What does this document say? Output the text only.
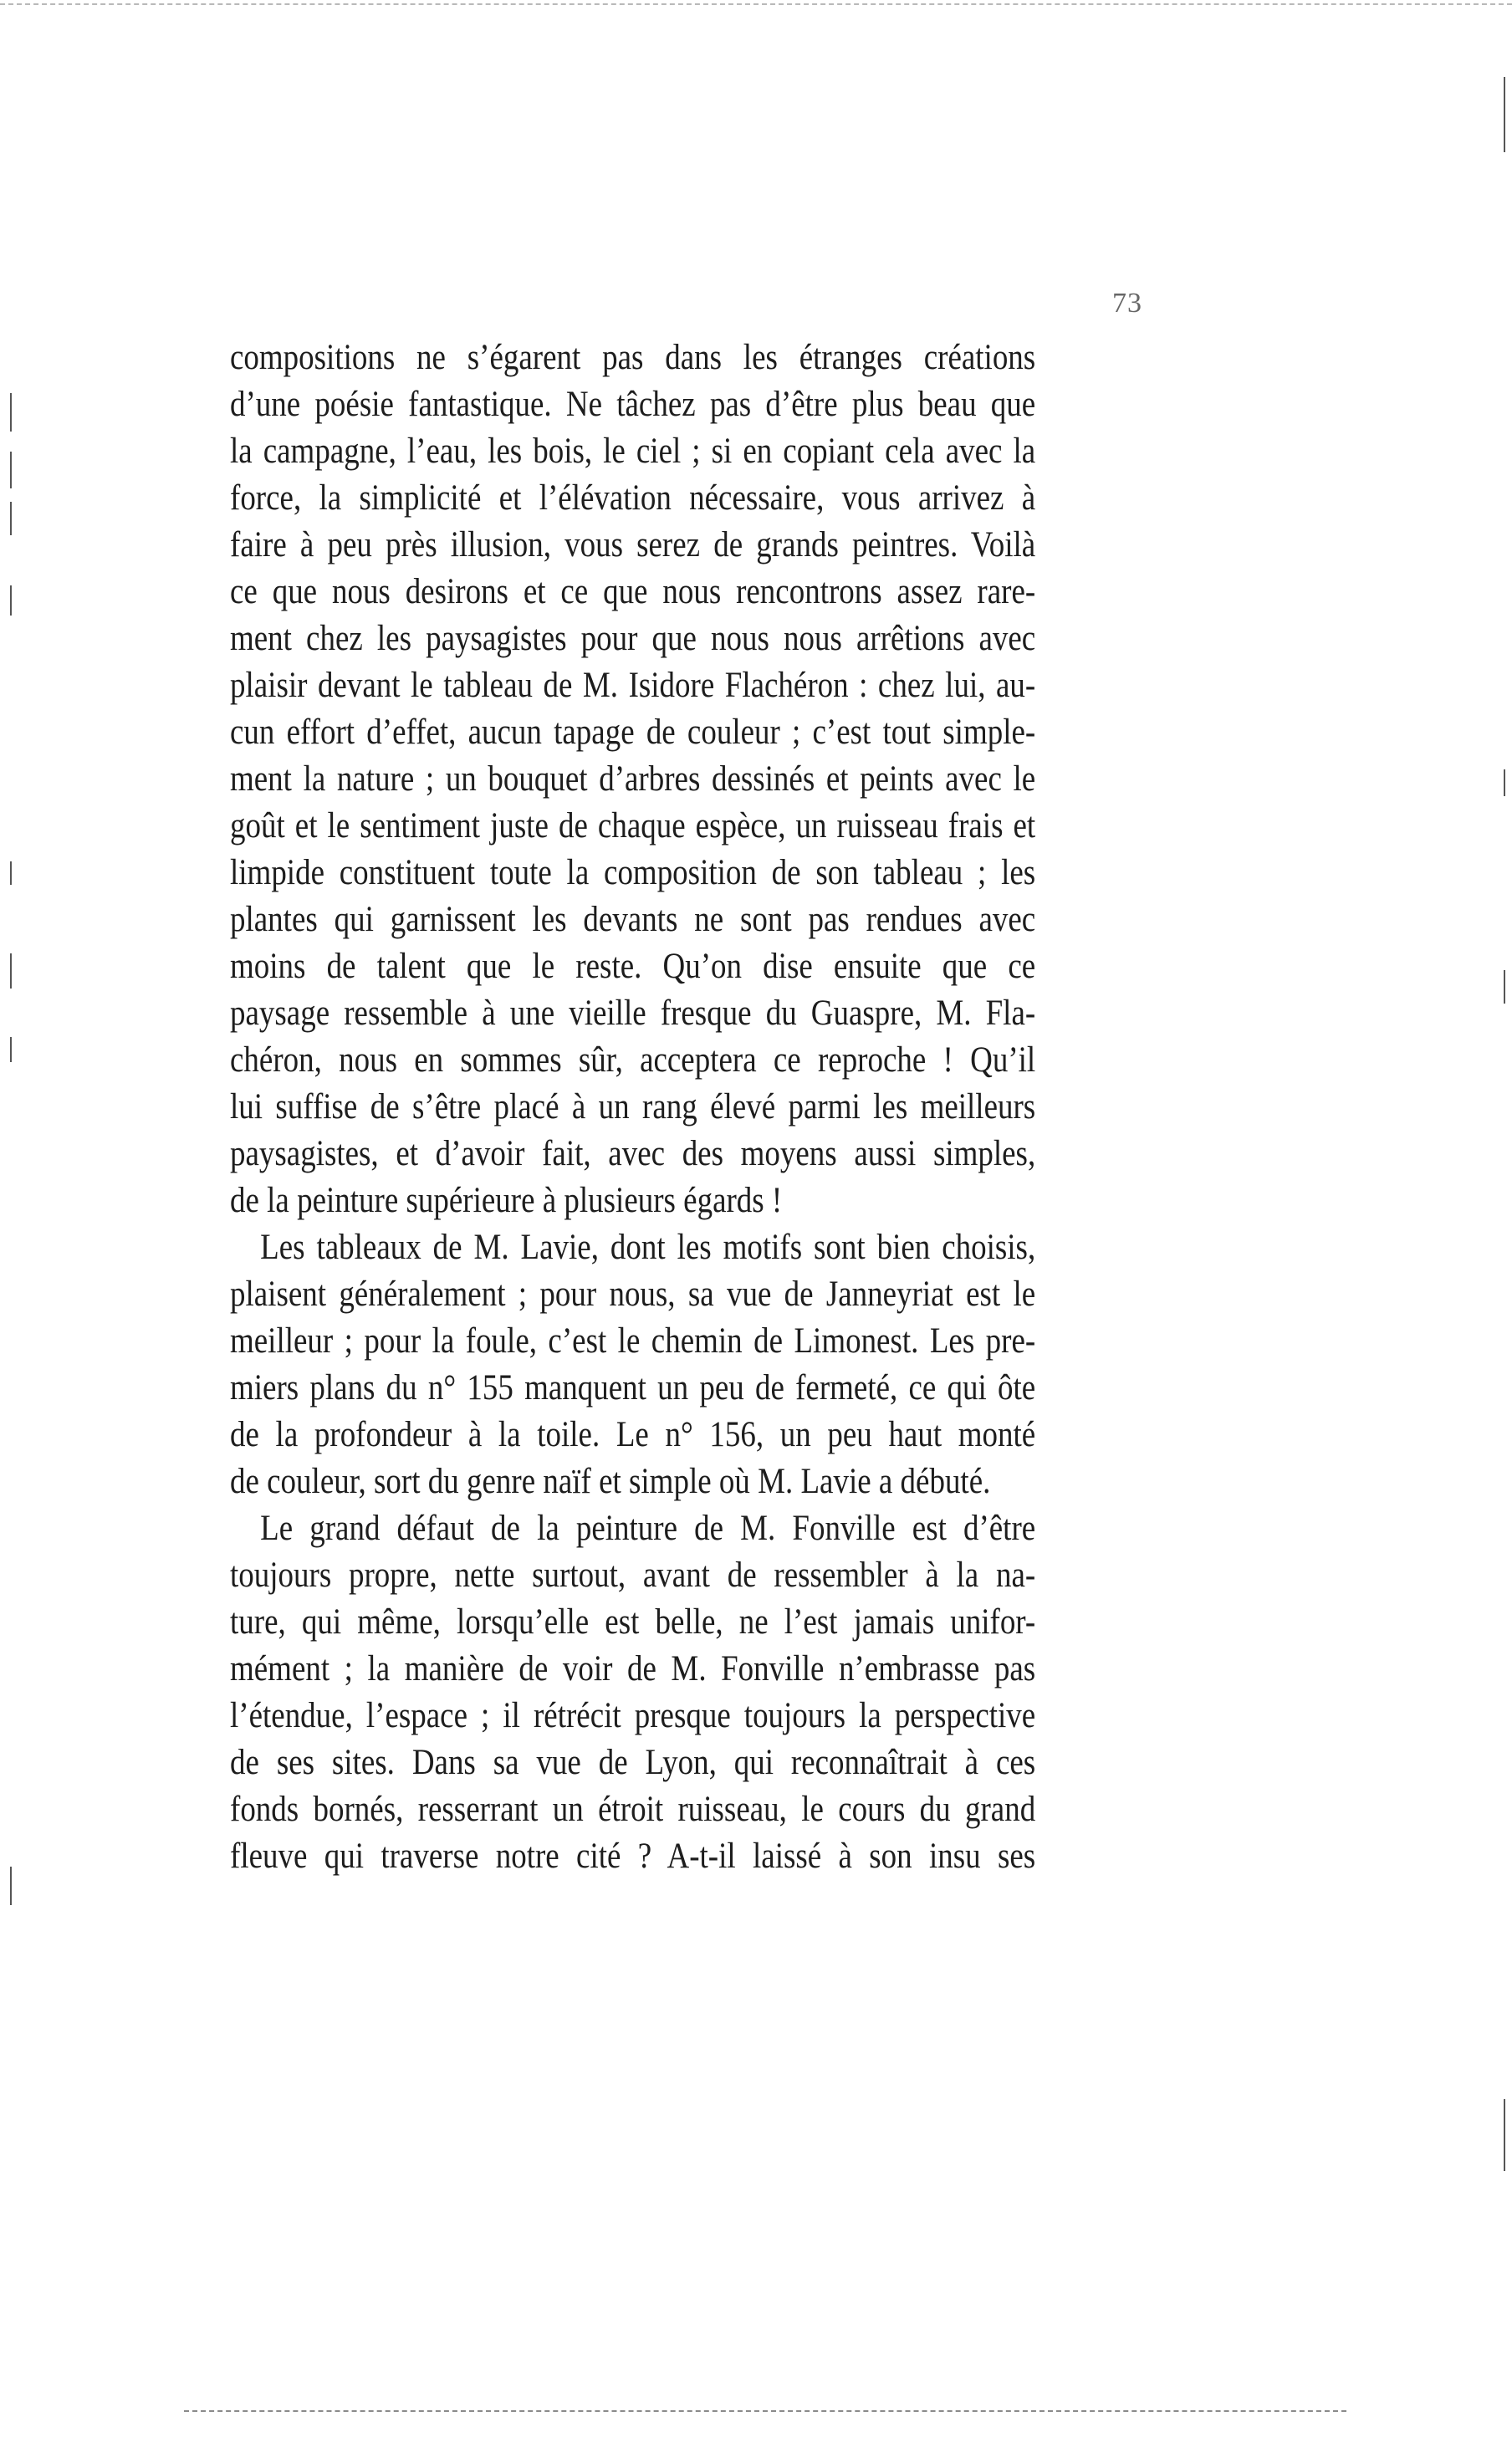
73
compositions ne s’égarent pas dans les étranges créations
d’une poésie fantastique. Ne tâchez pas d’être plus beau que
la campagne, l’eau, les bois, le ciel ; si en copiant cela avec la
force, la simplicité et l’élévation nécessaire, vous arrivez à
faire à peu près illusion, vous serez de grands peintres. Voilà
ce que nous desirons et ce que nous rencontrons assez rare-
ment chez les paysagistes pour que nous nous arrêtions avec
plaisir devant le tableau de M. Isidore Flachéron : chez lui, au-
cun effort d’effet, aucun tapage de couleur ; c’est tout simple-
ment la nature ; un bouquet d’arbres dessinés et peints avec le
goût et le sentiment juste de chaque espèce, un ruisseau frais et
limpide constituent toute la composition de son tableau ; les
plantes qui garnissent les devants ne sont pas rendues avec
moins de talent que le reste. Qu’on dise ensuite que ce
paysage ressemble à une vieille fresque du Guaspre, M. Fla-
chéron, nous en sommes sûr, acceptera ce reproche ! Qu’il
lui suffise de s’être placé à un rang élevé parmi les meilleurs
paysagistes, et d’avoir fait, avec des moyens aussi simples,
de la peinture supérieure à plusieurs égards !
Les tableaux de M. Lavie, dont les motifs sont bien choisis,
plaisent généralement ; pour nous, sa vue de Janneyriat est le
meilleur ; pour la foule, c’est le chemin de Limonest. Les pre-
miers plans du n° 155 manquent un peu de fermeté, ce qui ôte
de la profondeur à la toile. Le n° 156, un peu haut monté
de couleur, sort du genre naïf et simple où M. Lavie a débuté.
Le grand défaut de la peinture de M. Fonville est d’être
toujours propre, nette surtout, avant de ressembler à la na-
ture, qui même, lorsqu’elle est belle, ne l’est jamais unifor-
mément ; la manière de voir de M. Fonville n’embrasse pas
l’étendue, l’espace ; il rétrécit presque toujours la perspective
de ses sites. Dans sa vue de Lyon, qui reconnaîtrait à ces
fonds bornés, resserrant un étroit ruisseau, le cours du grand
fleuve qui traverse notre cité ? A-t-il laissé à son insu ses
